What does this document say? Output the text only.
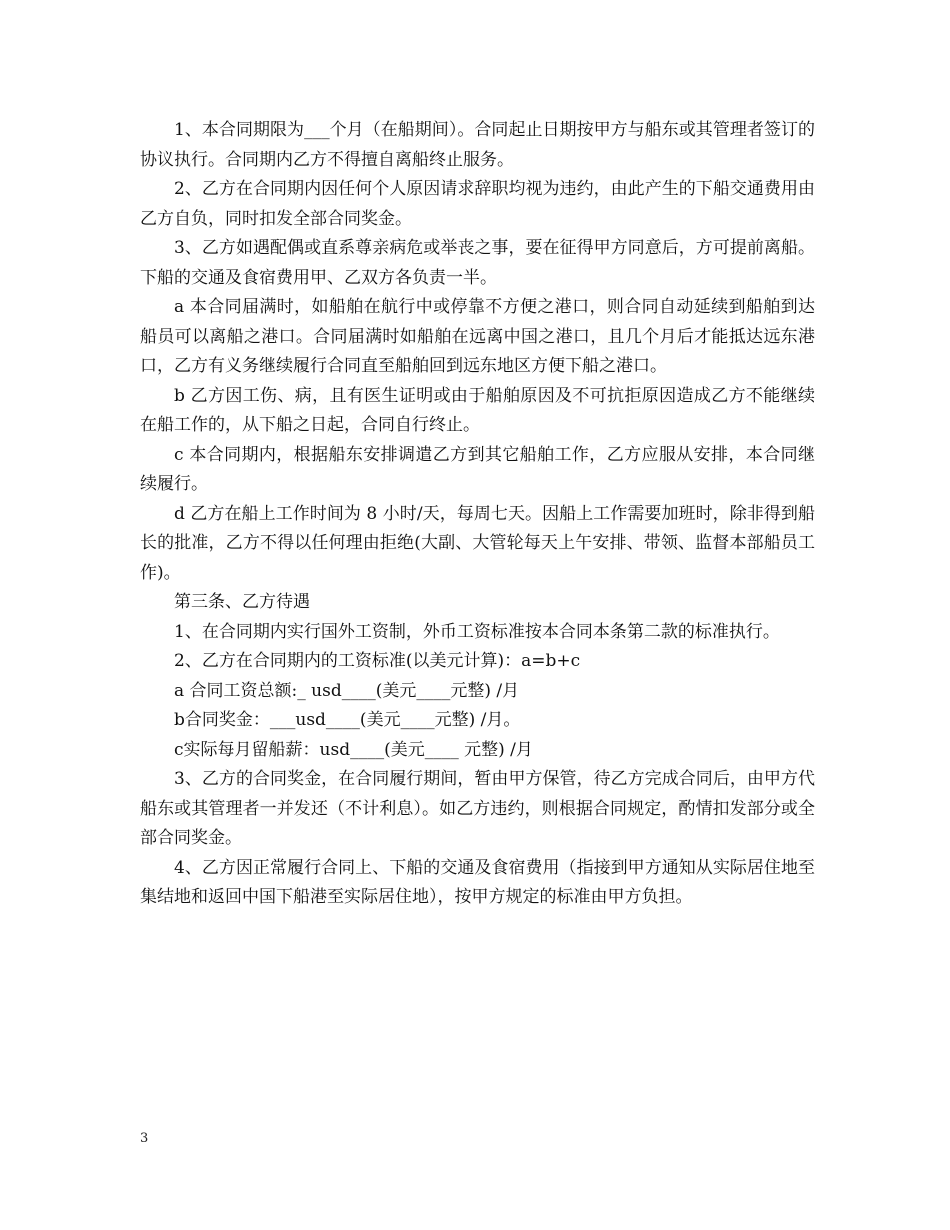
1、本合同期限为___个月（在船期间）。合同起止日期按甲方与船东或其管理者签订的协议执行。合同期内乙方不得擅自离船终止服务。

2、乙方在合同期内因任何个人原因请求辞职均视为违约，由此产生的下船交通费用由乙方自负，同时扣发全部合同奖金。

3、乙方如遇配偶或直系尊亲病危或举丧之事，要在征得甲方同意后，方可提前离船。下船的交通及食宿费用甲、乙双方各负责一半。

a 本合同届满时，如船舶在航行中或停靠不方便之港口，则合同自动延续到船舶到达船员可以离船之港口。合同届满时如船舶在远离中国之港口，且几个月后才能抵达远东港口，乙方有义务继续履行合同直至船舶回到远东地区方便下船之港口。

b 乙方因工伤、病，且有医生证明或由于船舶原因及不可抗拒原因造成乙方不能继续在船工作的，从下船之日起，合同自行终止。

c 本合同期内，根据船东安排调遣乙方到其它船舶工作，乙方应服从安排，本合同继续履行。

d 乙方在船上工作时间为 8 小时/天，每周七天。因船上工作需要加班时，除非得到船长的批准，乙方不得以任何理由拒绝(大副、大管轮每天上午安排、带领、监督本部船员工作)。

第三条、乙方待遇

1、在合同期内实行国外工资制，外币工资标准按本合同本条第二款的标准执行。

2、乙方在合同期内的工资标准(以美元计算)：a=b+c

a 合同工资总额:_ usd____(美元____元整) /月

b合同奖金：___usd____(美元____元整) /月。

c实际每月留船薪：usd____(美元____ 元整) /月

3、乙方的合同奖金，在合同履行期间，暂由甲方保管，待乙方完成合同后，由甲方代船东或其管理者一并发还（不计利息）。如乙方违约，则根据合同规定，酌情扣发部分或全部合同奖金。

4、乙方因正常履行合同上、下船的交通及食宿费用（指接到甲方通知从实际居住地至集结地和返回中国下船港至实际居住地），按甲方规定的标准由甲方负担。

3
